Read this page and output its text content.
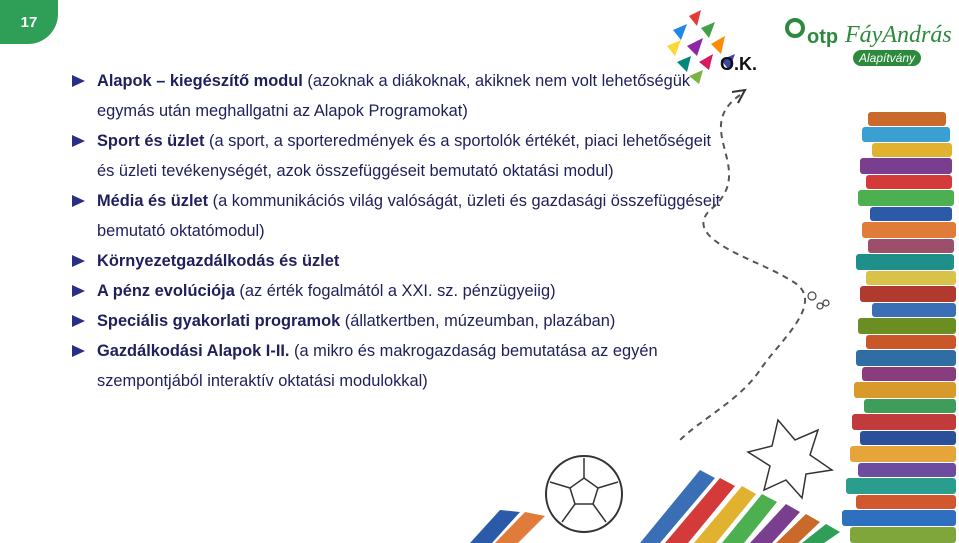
17
O.K.
otp FáyAndrás
Alapítvány
Alapok – kiegészítő modul (azoknak a diákoknak, akiknek nem volt lehetőségük egymás után meghallgatni az Alapok Programokat)
Sport és üzlet (a sport, a sporteredmények és a sportolók értékét, piaci lehetőségeit és üzleti tevékenységét, azok összefüggéseit bemutató oktatási modul)
Média és üzlet (a kommunikációs világ valóságát, üzleti és gazdasági összefüggéseit bemutató oktatómodul)
Környezetgazdálkodás és üzlet
A pénz evolúciója (az érték fogalmától a XXI. sz. pénzügyeiig)
Speciális gyakorlati programok (állatkertben, múzeumban, plazában)
Gazdálkodási Alapok I-II. (a mikro és makrogazdaság bemutatása az egyén szempontjából interaktív oktatási modulokkal)
